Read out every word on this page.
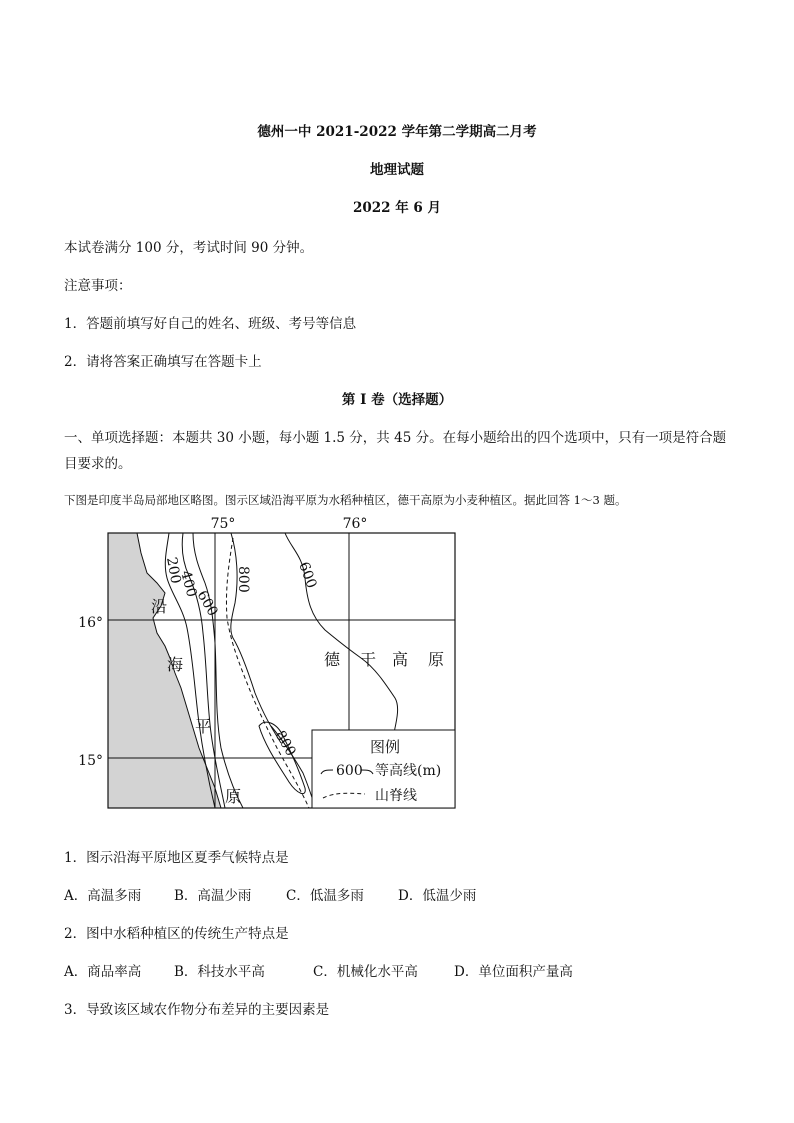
德州一中 2021-2022 学年第二学期高二月考
地理试题
2022 年 6 月
本试卷满分 100 分，考试时间 90 分钟。
注意事项：
1．答题前填写好自己的姓名、班级、考号等信息
2．请将答案正确填写在答题卡上
第 I 卷（选择题）
一、单项选择题：本题共 30 小题，每小题 1.5 分，共 45 分。在每小题给出的四个选项中，只有一项是符合题
目要求的。
下图是印度半岛局部地区略图。图示区域沿海平原为水稻种植区，德干高原为小麦种植区。据此回答 1～3 题。
75°	76°
16°
15°
200
400
600
800	600
800
沿
海
平
原
德 干 高 原
图例
600 等高线(m)
山脊线
1．图示沿海平原地区夏季气候特点是
A．高温多雨 B．高温少雨	C．低温多雨	D．低温少雨
2．图中水稻种植区的传统生产特点是
A．商品率高 B．科技水平高	C．机械化水平高	D．单位面积产量高
3．导致该区域农作物分布差异的主要因素是
